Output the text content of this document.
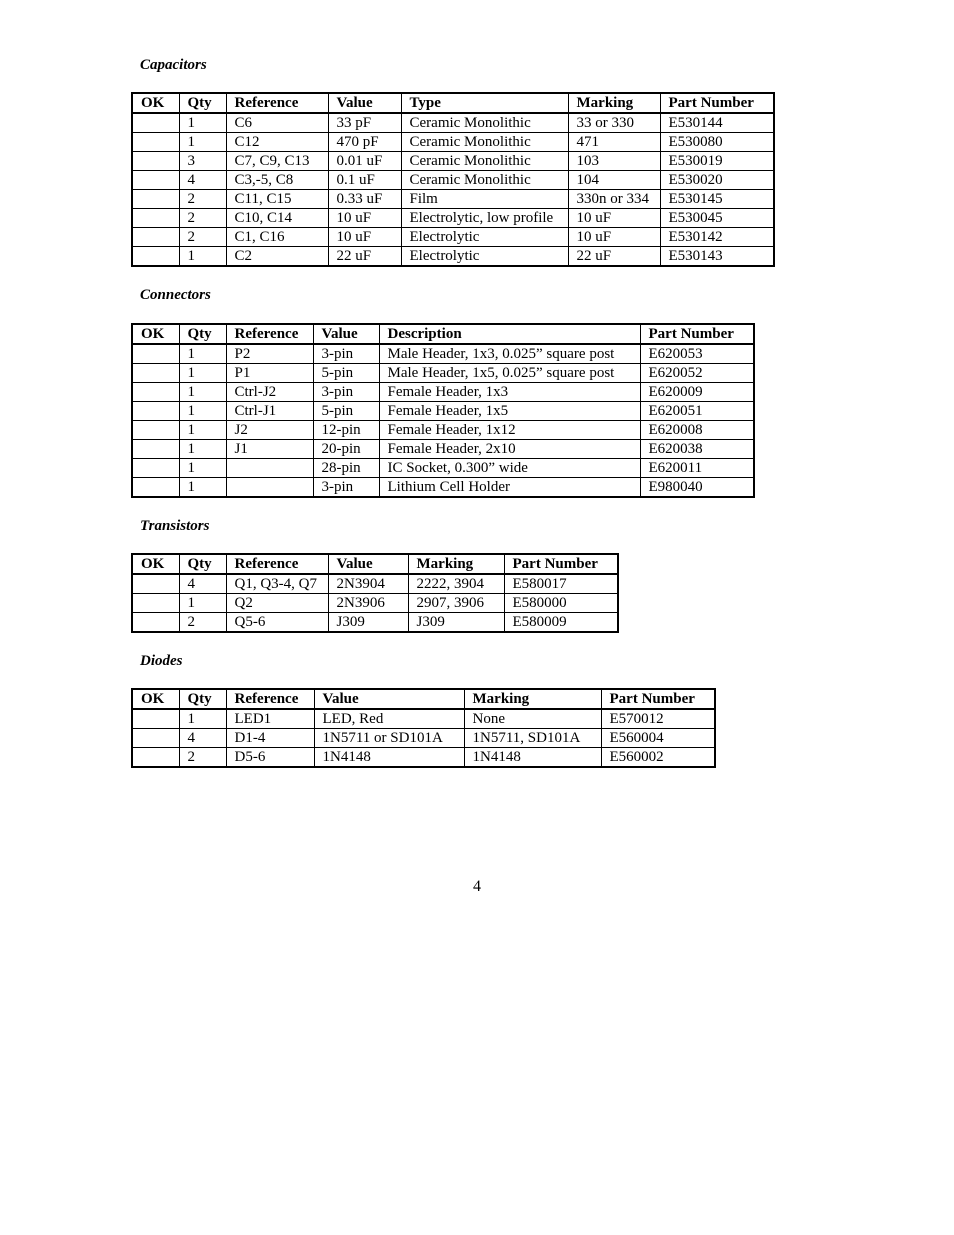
Capacitors

OK	Qty	Reference	Value	Type	Marking	Part Number
	1	C6	33 pF	Ceramic Monolithic	33 or 330	E530144
	1	C12	470 pF	Ceramic Monolithic	471	E530080
	3	C7, C9, C13	0.01 uF	Ceramic Monolithic	103	E530019
	4	C3,-5, C8	0.1 uF	Ceramic Monolithic	104	E530020
	2	C11, C15	0.33 uF	Film	330n or 334	E530145
	2	C10, C14	10 uF	Electrolytic, low profile	10 uF	E530045
	2	C1, C16	10 uF	Electrolytic	10 uF	E530142
	1	C2	22 uF	Electrolytic	22 uF	E530143

Connectors

OK	Qty	Reference	Value	Description	Part Number
	1	P2	3-pin	Male Header, 1x3, 0.025” square post	E620053
	1	P1	5-pin	Male Header, 1x5, 0.025” square post	E620052
	1	Ctrl-J2	3-pin	Female Header, 1x3	E620009
	1	Ctrl-J1	5-pin	Female Header, 1x5	E620051
	1	J2	12-pin	Female Header, 1x12	E620008
	1	J1	20-pin	Female Header, 2x10	E620038
	1		28-pin	IC Socket, 0.300” wide	E620011
	1		3-pin	Lithium Cell Holder	E980040

Transistors

OK	Qty	Reference	Value	Marking	Part Number
	4	Q1, Q3-4, Q7	2N3904	2222, 3904	E580017
	1	Q2	2N3906	2907, 3906	E580000
	2	Q5-6	J309	J309	E580009

Diodes

OK	Qty	Reference	Value	Marking	Part Number
	1	LED1	LED, Red	None	E570012
	4	D1-4	1N5711 or SD101A	1N5711, SD101A	E560004
	2	D5-6	1N4148	1N4148	E560002
4
